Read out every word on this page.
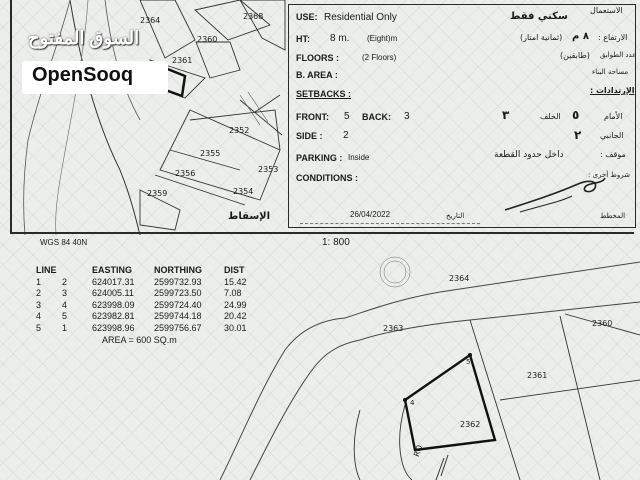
2364	2368
2360
2361
2352
2355
2353
2356
2354
2359
الإسقاط
الاستعمال
USE: Residential Only	سكني فقط
HT: 8 m. (Eight)m	(ثمانية امتار) ٨ م الارتفاع :
FLOORS :	(2 Floors)	(طابقين) عدد الطوابق
B. AREA :	مساحة البناء
SETBACKS :	الإرتدادات :
FRONT: 5 BACK: 3	٣	الخلف ٥	الأمام
SIDE : 2	٢ الجانبي
PARKING : Inside	داخل حدود القطعة	موقف :
CONDITIONS :	شروط أخرى :
26/04/2022	التاريخ	المخطط
WGS 84 40N	1: 800
LINE	EASTING	NORTHING	DIST
1	2	624017.31	2599732.93	15.42
2	3	624005.11	2599723.50	7.08
3	4	623998.09	2599724.40	24.99
4	5	623982.81	2599744.18	20.42
5	1	623998.96	2599756.67	30.01
AREA = 600 SQ.m
2364
2360
2363
2361
2362
5
4
RO
السوق المفتوح
OpenSooq
